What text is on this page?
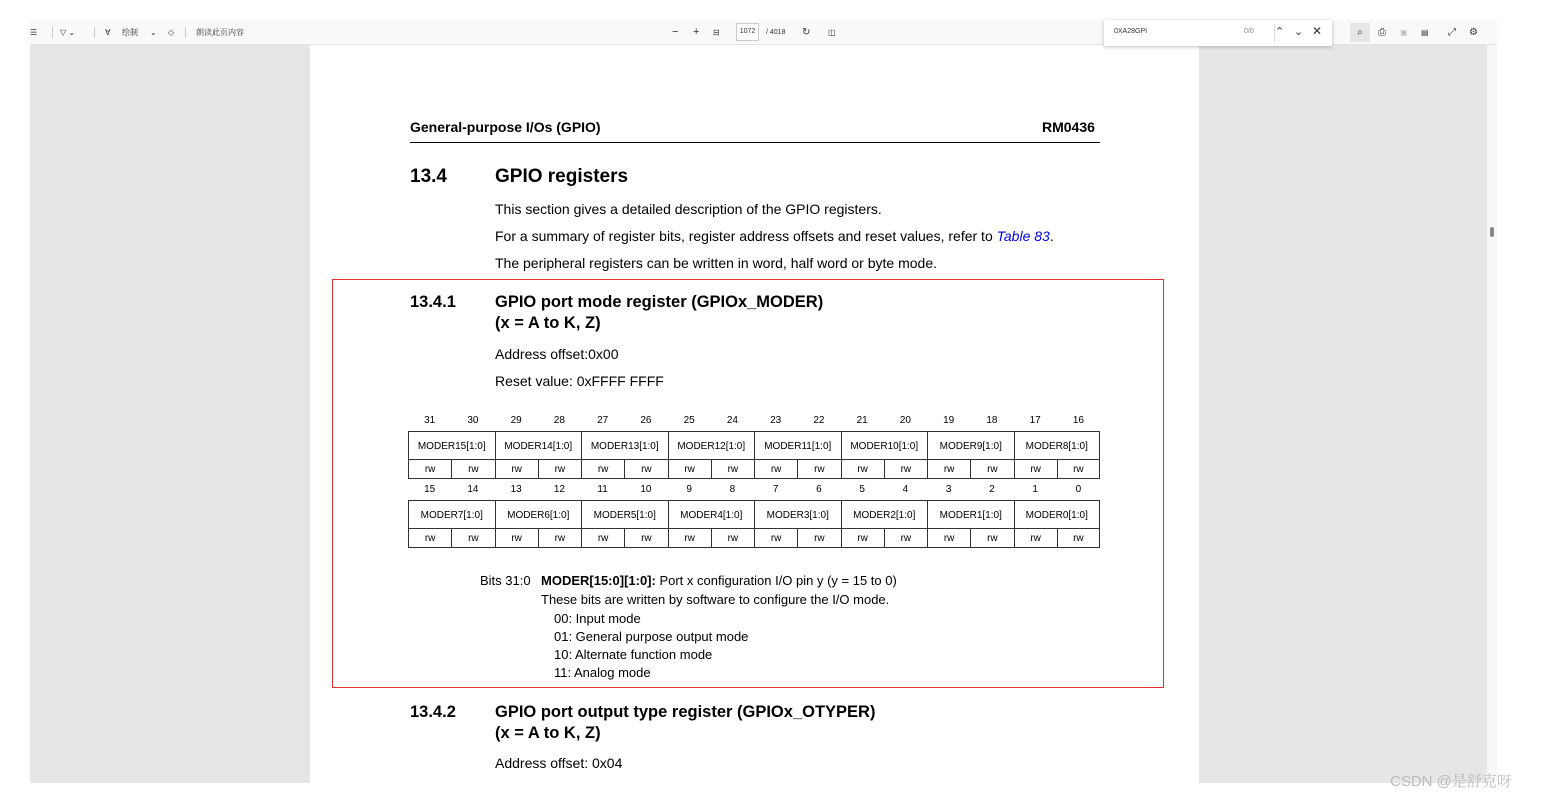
☰	▽ ⌄	∀ 绘制 ⌄ ◇	朗读此页内容	− + ⊟	1072	/ 4018 ↻ ◫	⌕	⎙ ▣ ▤ ⤢ ⚙
0XA28GPI	0/0 ⌃ ⌄ ✕
General-purpose I/Os (GPIO)	RM0436
13.4	GPIO registers
This section gives a detailed description of the GPIO registers.
For a summary of register bits, register address offsets and reset values, refer to Table 83.
The peripheral registers can be written in word, half word or byte mode.
13.4.1 GPIO port mode register (GPIOx_MODER)
(x = A to K, Z)
Address offset:0x00
Reset value: 0xFFFF FFFF
31	30	29	28	27	26	25	24	23	22	21	20	19	18	17	16
MODER15[1:0]	MODER14[1:0]	MODER13[1:0]	MODER12[1:0]	MODER11[1:0]	MODER10[1:0]	MODER9[1:0]	MODER8[1:0]
rw	rw	rw	rw	rw	rw	rw	rw	rw	rw	rw	rw	rw	rw	rw	rw
15	14	13	12	11	10	9	8	7	6	5	4	3	2	1	0
MODER7[1:0]	MODER6[1:0]	MODER5[1:0]	MODER4[1:0]	MODER3[1:0]	MODER2[1:0]	MODER1[1:0]	MODER0[1:0]
rw	rw	rw	rw	rw	rw	rw	rw	rw	rw	rw	rw	rw	rw	rw	rw
Bits 31:0 MODER[15:0][1:0]: Port x configuration I/O pin y (y = 15 to 0)
These bits are written by software to configure the I/O mode.
00: Input mode
01: General purpose output mode
10: Alternate function mode
11: Analog mode
13.4.2 GPIO port output type register (GPIOx_OTYPER)
(x = A to K, Z)
Address offset: 0x04
CSDN @是舒克呀
